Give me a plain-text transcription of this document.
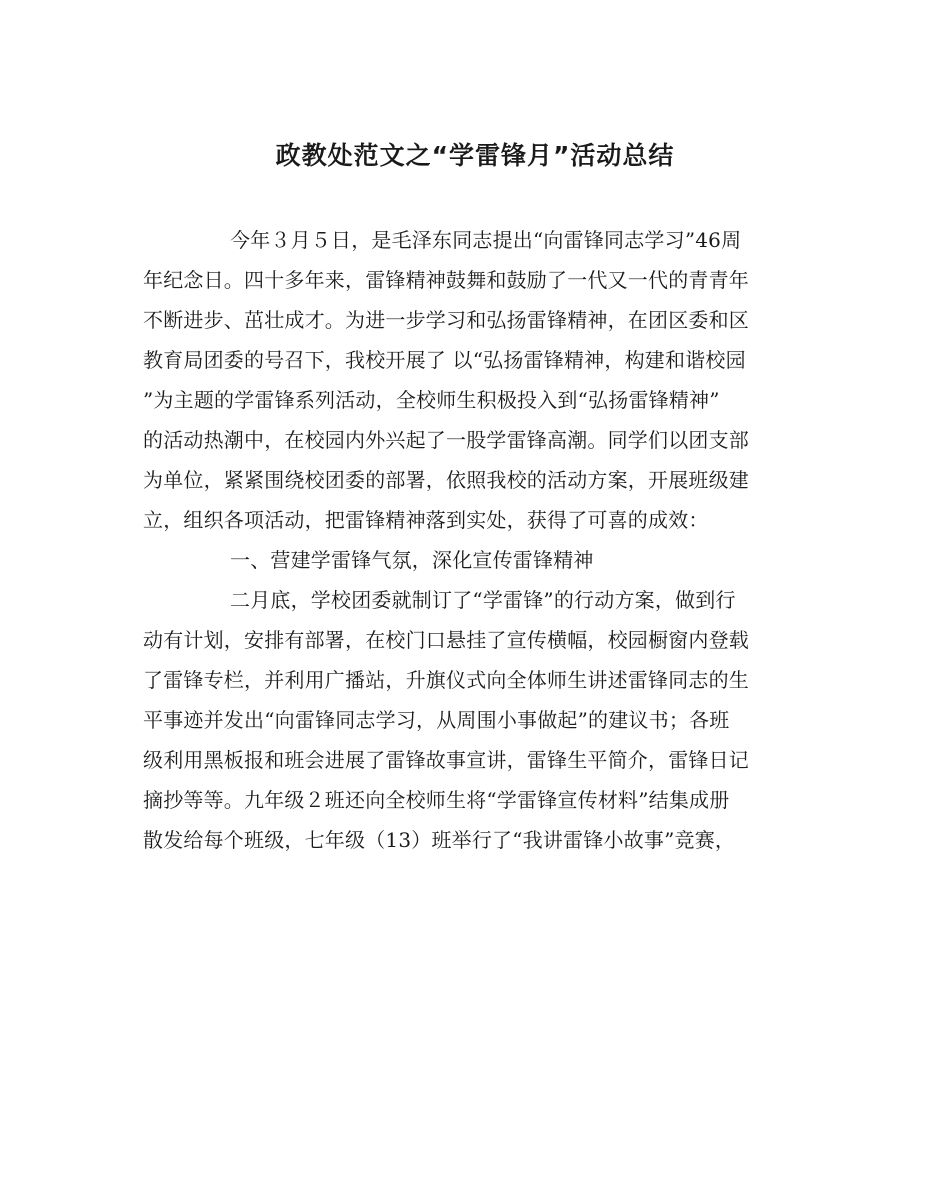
政教处范文之“学雷锋月”活动总结
今年３月５日，是毛泽东同志提出“向雷锋同志学习”46周
年纪念日。四十多年来，雷锋精神鼓舞和鼓励了一代又一代的青青年
不断进步、茁壮成才。为进一步学习和弘扬雷锋精神，在团区委和区
教育局团委的号召下，我校开展了 以“弘扬雷锋精神，构建和谐校园
”为主题的学雷锋系列活动，全校师生积极投入到“弘扬雷锋精神”
的活动热潮中，在校园内外兴起了一股学雷锋高潮。同学们以团支部
为单位，紧紧围绕校团委的部署，依照我校的活动方案，开展班级建
立，组织各项活动，把雷锋精神落到实处，获得了可喜的成效：
一、营建学雷锋气氛，深化宣传雷锋精神
二月底，学校团委就制订了“学雷锋”的行动方案，做到行
动有计划，安排有部署，在校门口悬挂了宣传横幅，校园橱窗内登载
了雷锋专栏，并利用广播站，升旗仪式向全体师生讲述雷锋同志的生
平事迹并发出“向雷锋同志学习，从周围小事做起”的建议书；各班
级利用黑板报和班会进展了雷锋故事宣讲，雷锋生平简介，雷锋日记
摘抄等等。九年级２班还向全校师生将“学雷锋宣传材料”结集成册
散发给每个班级，七年级（13）班举行了“我讲雷锋小故事”竞赛，
